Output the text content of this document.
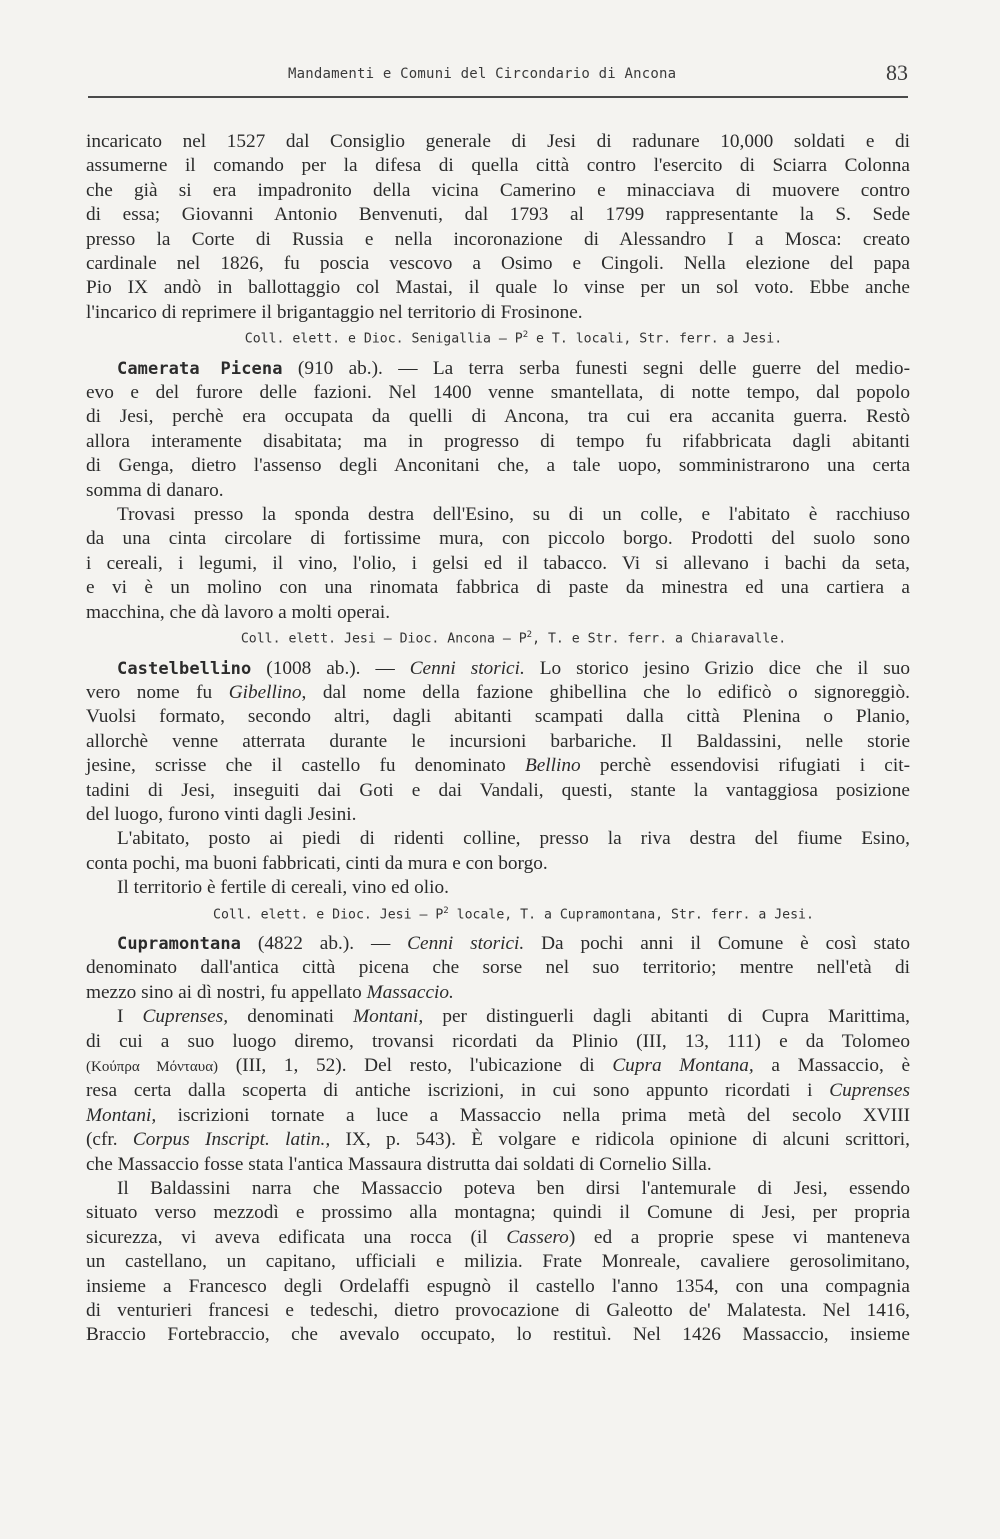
Mandamenti e Comuni del Circondario di Ancona	83

incaricato nel 1527 dal Consiglio generale di Jesi di radunare 10,000 soldati e di

assumerne il comando per la difesa di quella città contro l'esercito di Sciarra Colonna

che già si era impadronito della vicina Camerino e minacciava di muovere contro

di essa; Giovanni Antonio Benvenuti, dal 1793 al 1799 rappresentante la S. Sede

presso la Corte di Russia e nella incoronazione di Alessandro I a Mosca: creato

cardinale nel 1826, fu poscia vescovo a Osimo e Cingoli. Nella elezione del papa

Pio IX andò in ballottaggio col Mastai, il quale lo vinse per un sol voto. Ebbe anche

l'incarico di reprimere il brigantaggio nel territorio di Frosinone.

Coll. elett. e Dioc. Senigallia — $P^2$ e T. locali, Str. ferr. a Jesi.

Camerata Picena (910 ab.). — La terra serba funesti segni delle guerre del medio-

evo e del furore delle fazioni. Nel 1400 venne smantellata, di notte tempo, dal popolo

di Jesi, perchè era occupata da quelli di Ancona, tra cui era accanita guerra. Restò

allora interamente disabitata; ma in progresso di tempo fu rifabbricata dagli abitanti

di Genga, dietro l'assenso degli Anconitani che, a tale uopo, somministrarono una certa

somma di danaro.

Trovasi presso la sponda destra dell'Esino, su di un colle, e l'abitato è racchiuso

da una cinta circolare di fortissime mura, con piccolo borgo. Prodotti del suolo sono

i cereali, i legumi, il vino, l'olio, i gelsi ed il tabacco. Vi si allevano i bachi da seta,

e vi è un molino con una rinomata fabbrica di paste da minestra ed una cartiera a

macchina, che dà lavoro a molti operai.

Coll. elett. Jesi — Dioc. Ancona — $P^2$, T. e Str. ferr. a Chiaravalle.

Castelbellino (1008 ab.). — Cenni storici. Lo storico jesino Grizio dice che il suo

vero nome fu Gibellino, dal nome della fazione ghibellina che lo edificò o signoreggiò.

Vuolsi formato, secondo altri, dagli abitanti scampati dalla città Plenina o Planio,

allorchè venne atterrata durante le incursioni barbariche. Il Baldassini, nelle storie

jesine, scrisse che il castello fu denominato Bellino perchè essendovisi rifugiati i cit-

tadini di Jesi, inseguiti dai Goti e dai Vandali, questi, stante la vantaggiosa posizione

del luogo, furono vinti dagli Jesini.

L'abitato, posto ai piedi di ridenti colline, presso la riva destra del fiume Esino,

conta pochi, ma buoni fabbricati, cinti da mura e con borgo.

Il territorio è fertile di cereali, vino ed olio.

Coll. elett. e Dioc. Jesi — $P^2$ locale, T. a Cupramontana, Str. ferr. a Jesi.

Cupramontana (4822 ab.). — Cenni storici. Da pochi anni il Comune è così stato

denominato dall'antica città picena che sorse nel suo territorio; mentre nell'età di

mezzo sino ai dì nostri, fu appellato Massaccio.

I Cuprenses, denominati Montani, per distinguerli dagli abitanti di Cupra Marittima,

di cui a suo luogo diremo, trovansi ricordati da Plinio (III, 13, 111) e da Tolomeo

(Κούπρα Μόνταυα) (III, 1, 52). Del resto, l'ubicazione di Cupra Montana, a Massaccio, è

resa certa dalla scoperta di antiche iscrizioni, in cui sono appunto ricordati i Cuprenses

Montani, iscrizioni tornate a luce a Massaccio nella prima metà del secolo XVIII

(cfr. Corpus Inscript. latin., IX, p. 543). È volgare e ridicola opinione di alcuni scrittori,

che Massaccio fosse stata l'antica Massaura distrutta dai soldati di Cornelio Silla.

Il Baldassini narra che Massaccio poteva ben dirsi l'antemurale di Jesi, essendo

situato verso mezzodì e prossimo alla montagna; quindi il Comune di Jesi, per propria

sicurezza, vi aveva edificata una rocca (il Cassero) ed a proprie spese vi manteneva

un castellano, un capitano, ufficiali e milizia. Frate Monreale, cavaliere gerosolimitano,

insieme a Francesco degli Ordelaffi espugnò il castello l'anno 1354, con una compagnia

di venturieri francesi e tedeschi, dietro provocazione di Galeotto de' Malatesta. Nel 1416,

Braccio Fortebraccio, che avevalo occupato, lo restituì. Nel 1426 Massaccio, insieme
